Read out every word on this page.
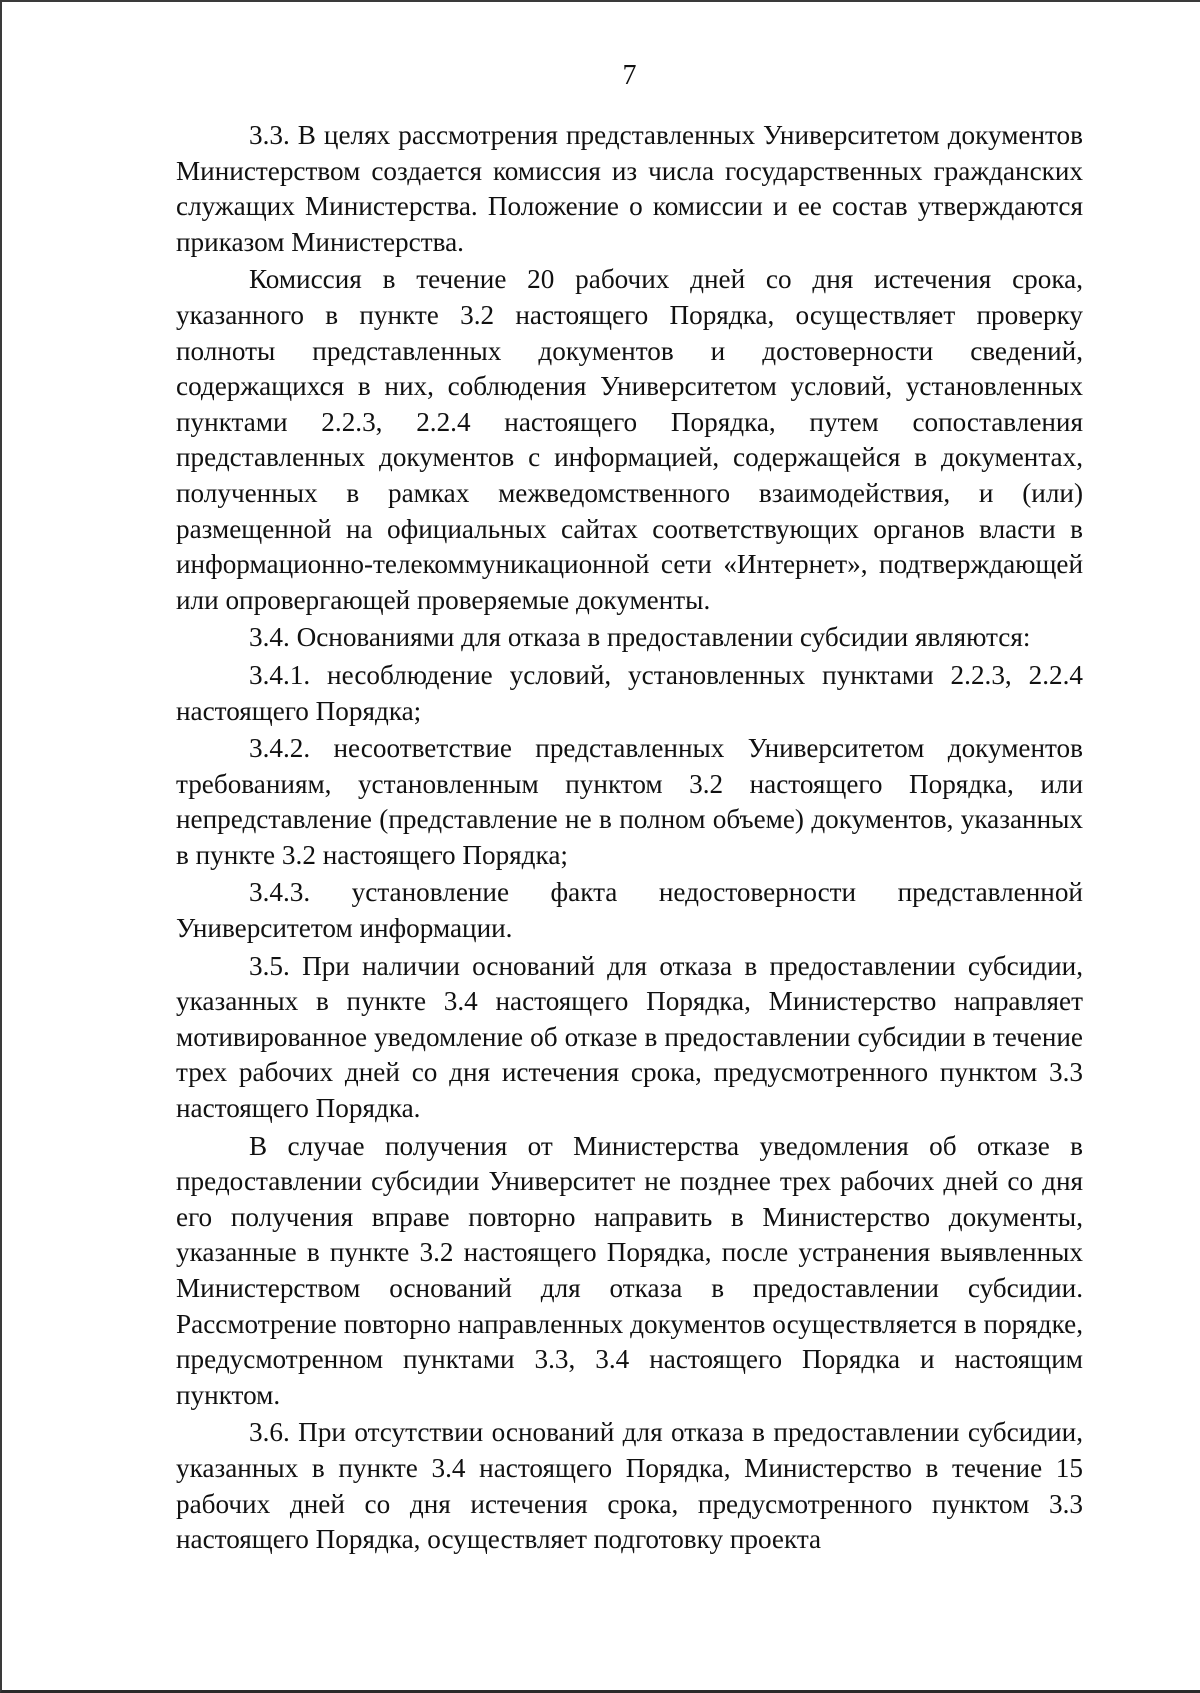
7

3.3. В целях рассмотрения представленных Университетом документов Министерством создается комиссия из числа государственных гражданских служащих Министерства. Положение о комиссии и ее состав утверждаются приказом Министерства.

Комиссия в течение 20 рабочих дней со дня истечения срока, указанного в пункте 3.2 настоящего Порядка, осуществляет проверку полноты представленных документов и достоверности сведений, содержащихся в них, соблюдения Университетом условий, установленных пунктами 2.2.3, 2.2.4 настоящего Порядка, путем сопоставления представленных документов с информацией, содержащейся в документах, полученных в рамках межведомственного взаимодействия, и (или) размещенной на официальных сайтах соответствующих органов власти в информационно-телекоммуникационной сети «Интернет», подтверждающей или опровергающей проверяемые документы.

3.4. Основаниями для отказа в предоставлении субсидии являются:

3.4.1. несоблюдение условий, установленных пунктами 2.2.3, 2.2.4 настоящего Порядка;

3.4.2. несоответствие представленных Университетом документов требованиям, установленным пунктом 3.2 настоящего Порядка, или непредставление (представление не в полном объеме) документов, указанных в пункте 3.2 настоящего Порядка;

3.4.3. установление факта недостоверности представленной Университетом информации.

3.5. При наличии оснований для отказа в предоставлении субсидии, указанных в пункте 3.4 настоящего Порядка, Министерство направляет мотивированное уведомление об отказе в предоставлении субсидии в течение трех рабочих дней со дня истечения срока, предусмотренного пунктом 3.3 настоящего Порядка.

В случае получения от Министерства уведомления об отказе в предоставлении субсидии Университет не позднее трех рабочих дней со дня его получения вправе повторно направить в Министерство документы, указанные в пункте 3.2 настоящего Порядка, после устранения выявленных Министерством оснований для отказа в предоставлении субсидии. Рассмотрение повторно направленных документов осуществляется в порядке, предусмотренном пунктами 3.3, 3.4 настоящего Порядка и настоящим пунктом.

3.6. При отсутствии оснований для отказа в предоставлении субсидии, указанных в пункте 3.4 настоящего Порядка, Министерство в течение 15 рабочих дней со дня истечения срока, предусмотренного пунктом 3.3 настоящего Порядка, осуществляет подготовку проекта
